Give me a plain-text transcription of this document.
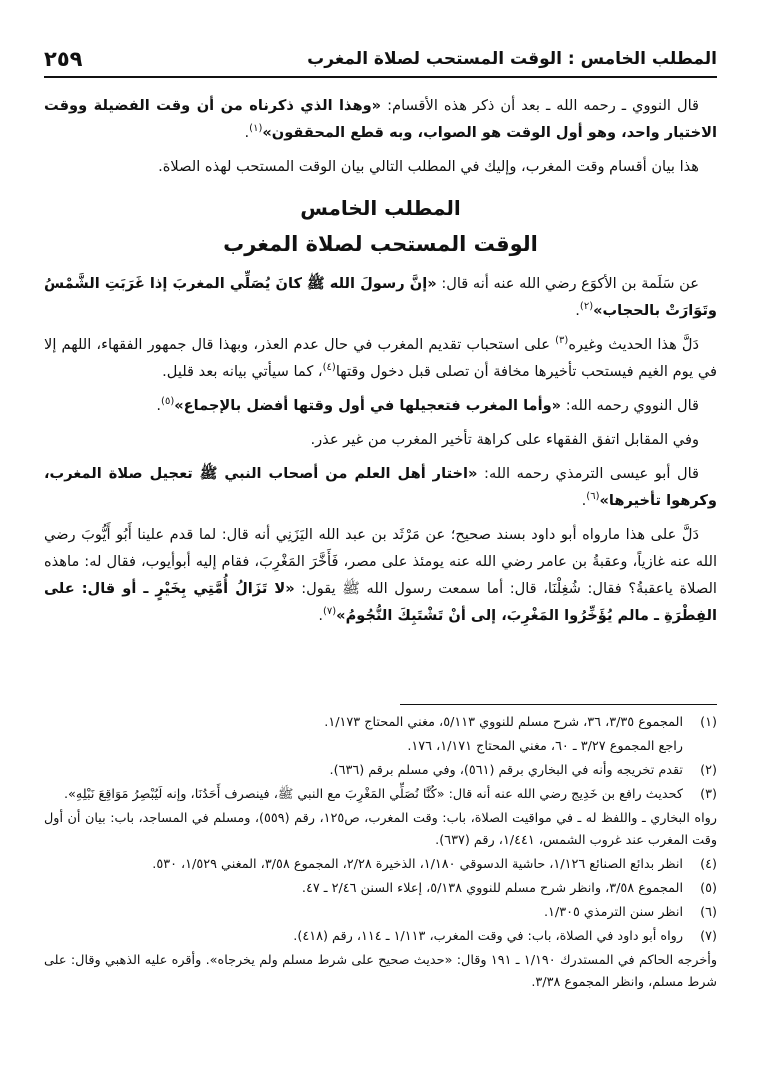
المطلب الخامس : الوقت المستحب لصلاة المغرب
٢٥٩

قال النووي ـ رحمه الله ـ بعد أن ذكر هذه الأقسام: «وهذا الذي ذكرناه من أن وقت الفضيلة ووقت الاختيار واحد، وهو أول الوقت هو الصواب، وبه قطع المحققون»$^{(١)}$.

هذا بيان أقسام وقت المغرب، وإليك في المطلب التالي بيان الوقت المستحب لهذه الصلاة.

المطلب الخامس
الوقت المستحب لصلاة المغرب

عن سَلَمة بن الأكوَع رضي الله عنه أنه قال: «إنَّ رسولَ الله ﷺ كانَ يُصَلِّي المغربَ إذا غَرَبَتِ الشَّمْسُ وتَوَارَتْ بالحجاب»$^{(٢)}$.

دَلَّ هذا الحديث وغيره$^{(٣)}$ على استحباب تقديم المغرب في حال عدم العذر، وبهذا قال جمهور الفقهاء، اللهم إلا في يوم الغيم فيستحب تأخيرها مخافة أن تصلى قبل دخول وقتها$^{(٤)}$، كما سيأتي بيانه بعد قليل.

قال النووي رحمه الله: «وأما المغرب فتعجيلها في أول وقتها أفضل بالإجماع»$^{(٥)}$.

وفي المقابل اتفق الفقهاء على كراهة تأخير المغرب من غير عذر.

قال أبو عيسى الترمذي رحمه الله: «اختار أهل العلم من أصحاب النبي ﷺ تعجيل صلاة المغرب، وكرهوا تأخيرها»$^{(٦)}$.

دَلَّ على هذا مارواه أبو داود بسند صحيح؛ عن مَرْثَد بن عبد الله اليَزَنِي أنه قال: لما قدم علينا أَبُو أَيُّوبَ رضي الله عنه غازياً، وعقبةُ بن عامر رضي الله عنه يومئذ على مصر، فَأَخَّرَ المَغْرِبَ، فقام إليه أبوأيوب، فقال له: ماهذه الصلاة ياعقبةُ؟ فقال: شُغِلْنَا، قال: أما سمعت رسول الله ﷺ يقول: «لا تَزَالُ أُمَّتِي بِخَيْرٍ ـ أو قال: على الفِطْرَةِ ـ مالم يُؤَخِّرُوا المَغْرِبَ، إلى أنْ تَشْتَبِكَ النُّجُومُ»$^{(٧)}$.

(١)
المجموع ٣/٣٥، ٣٦، شرح مسلم للنووي ٥/١١٣، مغني المحتاج ١/١٧٣.

راجع المجموع ٣/٢٧ ـ ٦٠، مغني المحتاج ١/١٧١، ١٧٦.

(٢)
تقدم تخريجه وأنه في البخاري برقم (٥٦١)، وفي مسلم برقم (٦٣٦).
(٣)
كحديث رافع بن خَدِيج رضي الله عنه أنه قال: «كُنَّا نُصَلِّي المَغْرِبَ مع النبي ﷺ، فينصرف أَحَدُنَا، وإنه لَيُبْصِرُ مَوَاقِعَ نَبْلِهِ».

رواه البخاري ـ واللفظ له ـ في مواقيت الصلاة، باب: وقت المغرب، ص١٢٥، رقم (٥٥٩)، ومسلم في المساجد، باب: بيان أن أول وقت المغرب عند غروب الشمس، ١/٤٤١، رقم (٦٣٧).

(٤)
انظر بدائع الصنائع ١/١٢٦، حاشية الدسوقي ١/١٨٠، الذخيرة ٢/٢٨، المجموع ٣/٥٨، المغني ١/٥٢٩، ٥٣٠.
(٥)
المجموع ٣/٥٨، وانظر شرح مسلم للنووي ٥/١٣٨، إعلاء السنن ٢/٤٦ ـ ٤٧.
(٦)
انظر سنن الترمذي ١/٣٠٥.
(٧)
رواه أبو داود في الصلاة، باب: في وقت المغرب، ١/١١٣ ـ ١١٤، رقم (٤١٨).

وأخرجه الحاكم في المستدرك ١/١٩٠ ـ ١٩١ وقال: «حديث صحيح على شرط مسلم ولم يخرجاه». وأقره عليه الذهبي وقال: على شرط مسلم، وانظر المجموع ٣/٣٨.
